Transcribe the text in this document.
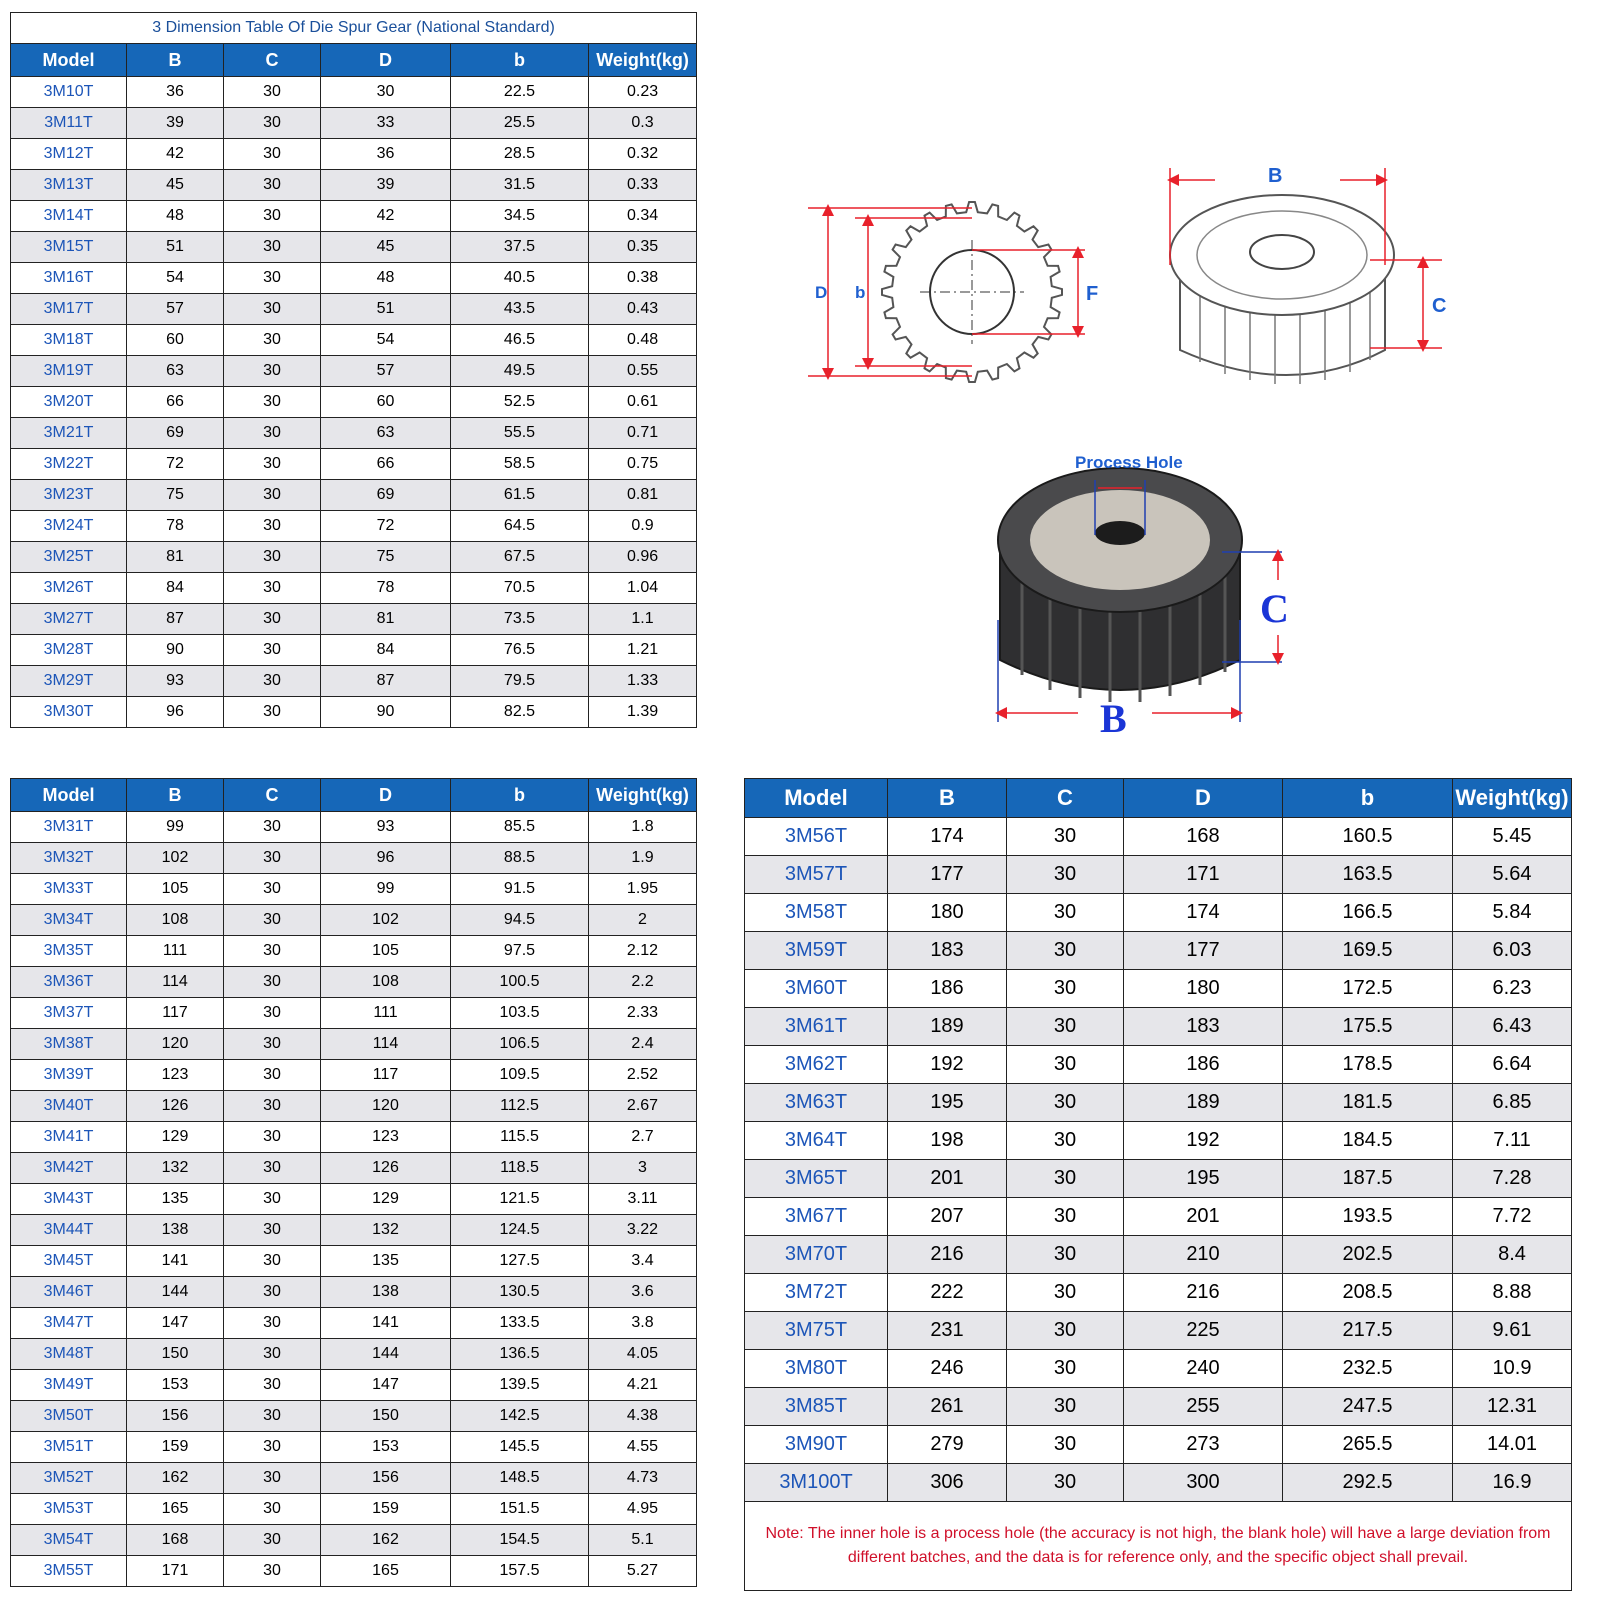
3 Dimension Table Of Die Spur Gear (National Standard)					
Model	B	C	D	b	Weight(kg)
3M10T	36	30	30	22.5	0.23
3M11T	39	30	33	25.5	0.3
3M12T	42	30	36	28.5	0.32
3M13T	45	30	39	31.5	0.33
3M14T	48	30	42	34.5	0.34
3M15T	51	30	45	37.5	0.35
3M16T	54	30	48	40.5	0.38
3M17T	57	30	51	43.5	0.43
3M18T	60	30	54	46.5	0.48
3M19T	63	30	57	49.5	0.55
3M20T	66	30	60	52.5	0.61
3M21T	69	30	63	55.5	0.71
3M22T	72	30	66	58.5	0.75
3M23T	75	30	69	61.5	0.81
3M24T	78	30	72	64.5	0.9
3M25T	81	30	75	67.5	0.96
3M26T	84	30	78	70.5	1.04
3M27T	87	30	81	73.5	1.1
3M28T	90	30	84	76.5	1.21
3M29T	93	30	87	79.5	1.33
3M30T	96	30	90	82.5	1.39
Model	B	C	D	b	Weight(kg)
3M31T	99	30	93	85.5	1.8
3M32T	102	30	96	88.5	1.9
3M33T	105	30	99	91.5	1.95
3M34T	108	30	102	94.5	2
3M35T	111	30	105	97.5	2.12
3M36T	114	30	108	100.5	2.2
3M37T	117	30	111	103.5	2.33
3M38T	120	30	114	106.5	2.4
3M39T	123	30	117	109.5	2.52
3M40T	126	30	120	112.5	2.67
3M41T	129	30	123	115.5	2.7
3M42T	132	30	126	118.5	3
3M43T	135	30	129	121.5	3.11
3M44T	138	30	132	124.5	3.22
3M45T	141	30	135	127.5	3.4
3M46T	144	30	138	130.5	3.6
3M47T	147	30	141	133.5	3.8
3M48T	150	30	144	136.5	4.05
3M49T	153	30	147	139.5	4.21
3M50T	156	30	150	142.5	4.38
3M51T	159	30	153	145.5	4.55
3M52T	162	30	156	148.5	4.73
3M53T	165	30	159	151.5	4.95
3M54T	168	30	162	154.5	5.1
3M55T	171	30	165	157.5	5.27
Model	B	C	D	b	Weight(kg)
3M56T	174	30	168	160.5	5.45
3M57T	177	30	171	163.5	5.64
3M58T	180	30	174	166.5	5.84
3M59T	183	30	177	169.5	6.03
3M60T	186	30	180	172.5	6.23
3M61T	189	30	183	175.5	6.43
3M62T	192	30	186	178.5	6.64
3M63T	195	30	189	181.5	6.85
3M64T	198	30	192	184.5	7.11
3M65T	201	30	195	187.5	7.28
3M67T	207	30	201	193.5	7.72
3M70T	216	30	210	202.5	8.4
3M72T	222	30	216	208.5	8.88
3M75T	231	30	225	217.5	9.61
3M80T	246	30	240	232.5	10.9
3M85T	261	30	255	247.5	12.31
3M90T	279	30	273	265.5	14.01
3M100T	306	30	300	292.5	16.9
Note: The inner hole is a process hole (the accuracy is not high, the blank hole) will have a large deviation from different batches, and the data is for reference only, and the specific object shall prevail.					
D b	F
B
C
Process Hole
B
C
